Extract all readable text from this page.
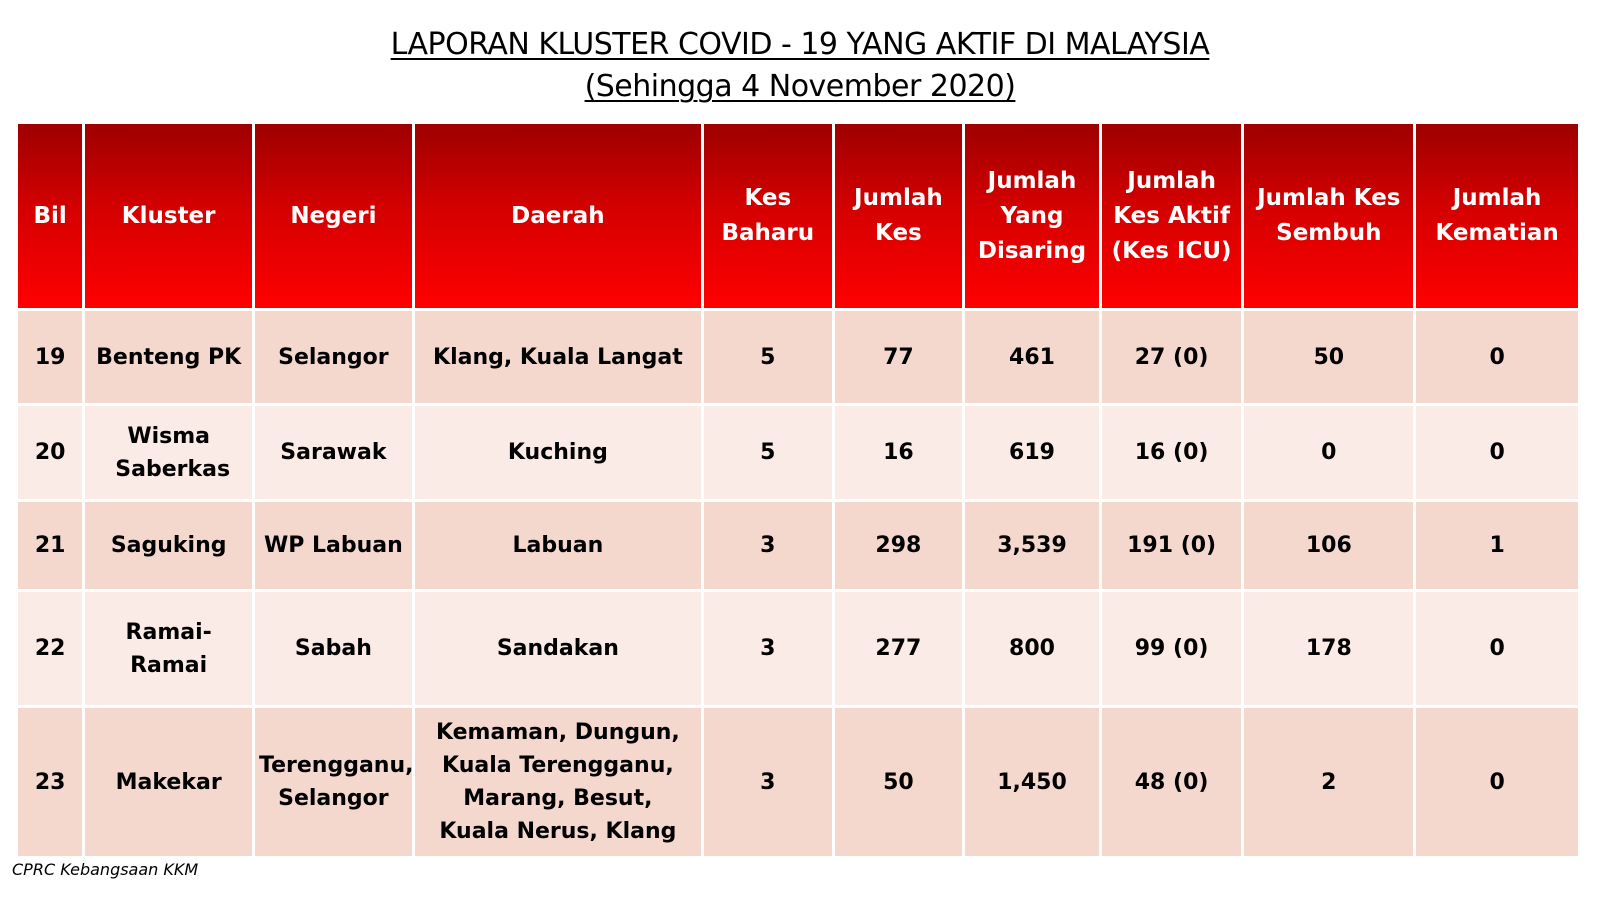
LAPORAN KLUSTER COVID - 19 YANG AKTIF DI MALAYSIA
(Sehingga 4 November 2020)
Bil	Kluster	Negeri	Daerah	Kes Baharu	Jumlah Kes	Jumlah Yang Disaring	Jumlah Kes Aktif (Kes ICU)	Jumlah Kes Sembuh	Jumlah Kematian
19	Benteng PK	Selangor	Klang, Kuala Langat	5	77	461	27 (0)	50	0
20	Wisma Saberkas	Sarawak	Kuching	5	16	619	16 (0)	0	0
21	Saguking	WP Labuan	Labuan	3	298	3,539	191 (0)	106	1
22	Ramai-Ramai	Sabah	Sandakan	3	277	800	99 (0)	178	0
23	Makekar	Terengganu, Selangor	Kemaman, Dungun, Kuala Terengganu, Marang, Besut, Kuala Nerus, Klang	3	50	1,450	48 (0)	2	0
CPRC Kebangsaan KKM
